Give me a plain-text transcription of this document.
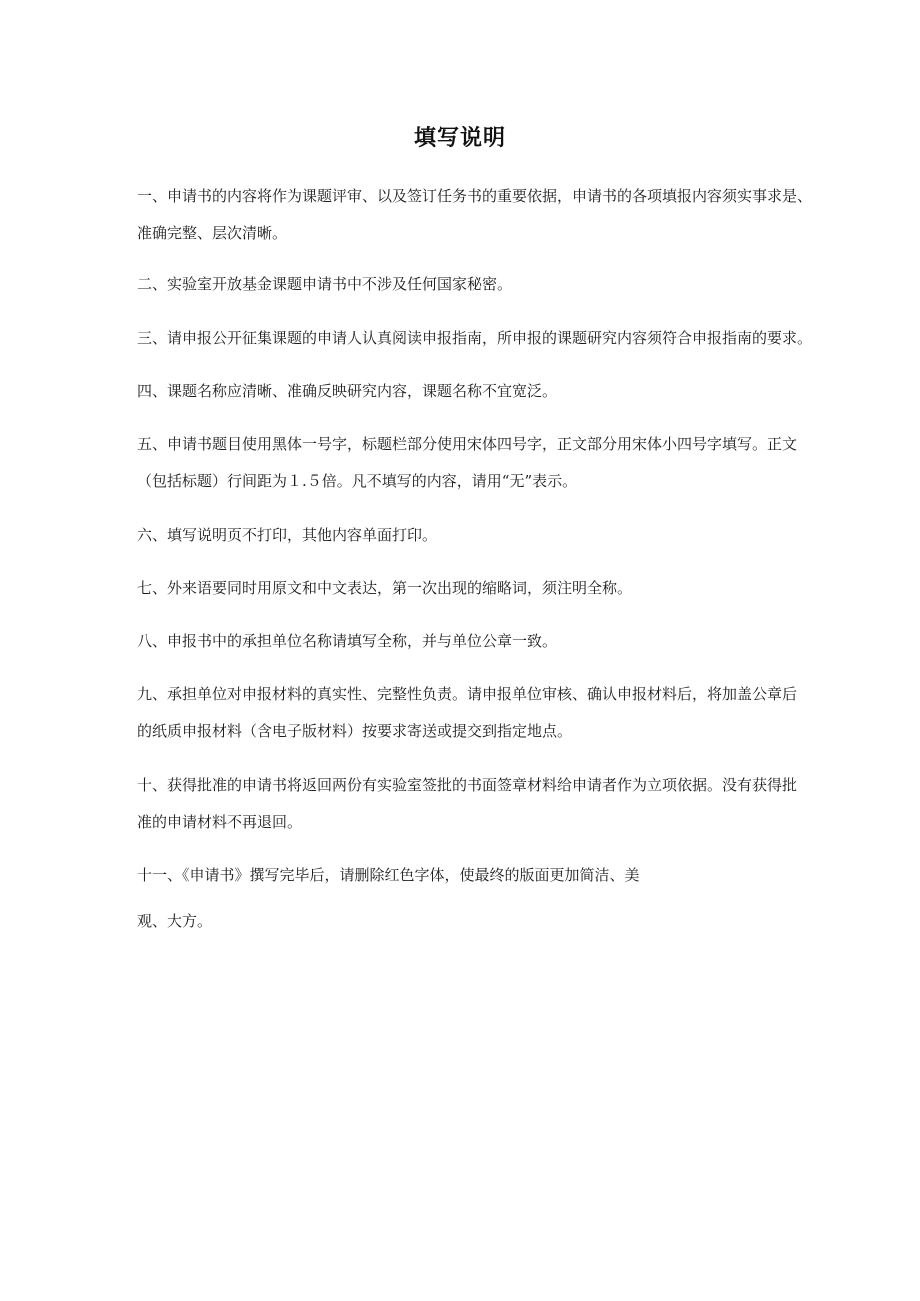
填写说明
一、申请书的内容将作为课题评审、以及签订任务书的重要依据，申请书的各项填报内容须实事求是、
准确完整、层次清晰。
二、实验室开放基金课题申请书中不涉及任何国家秘密。
三、请申报公开征集课题的申请人认真阅读申报指南，所申报的课题研究内容须符合申报指南的要求。
四、课题名称应清晰、准确反映研究内容，课题名称不宜宽泛。
五、申请书题目使用黑体一号字，标题栏部分使用宋体四号字，正文部分用宋体小四号字填写。正文
（包括标题）行间距为１.５倍。凡不填写的内容，请用“无”表示。
六、填写说明页不打印，其他内容单面打印。
七、外来语要同时用原文和中文表达，第一次出现的缩略词，须注明全称。
八、申报书中的承担单位名称请填写全称，并与单位公章一致。
九、承担单位对申报材料的真实性、完整性负责。请申报单位审核、确认申报材料后，将加盖公章后
的纸质申报材料（含电子版材料）按要求寄送或提交到指定地点。
十、获得批准的申请书将返回两份有实验室签批的书面签章材料给申请者作为立项依据。没有获得批
准的申请材料不再退回。
十一、《申请书》撰写完毕后，请删除红色字体，使最终的版面更加简洁、美
观、大方。
